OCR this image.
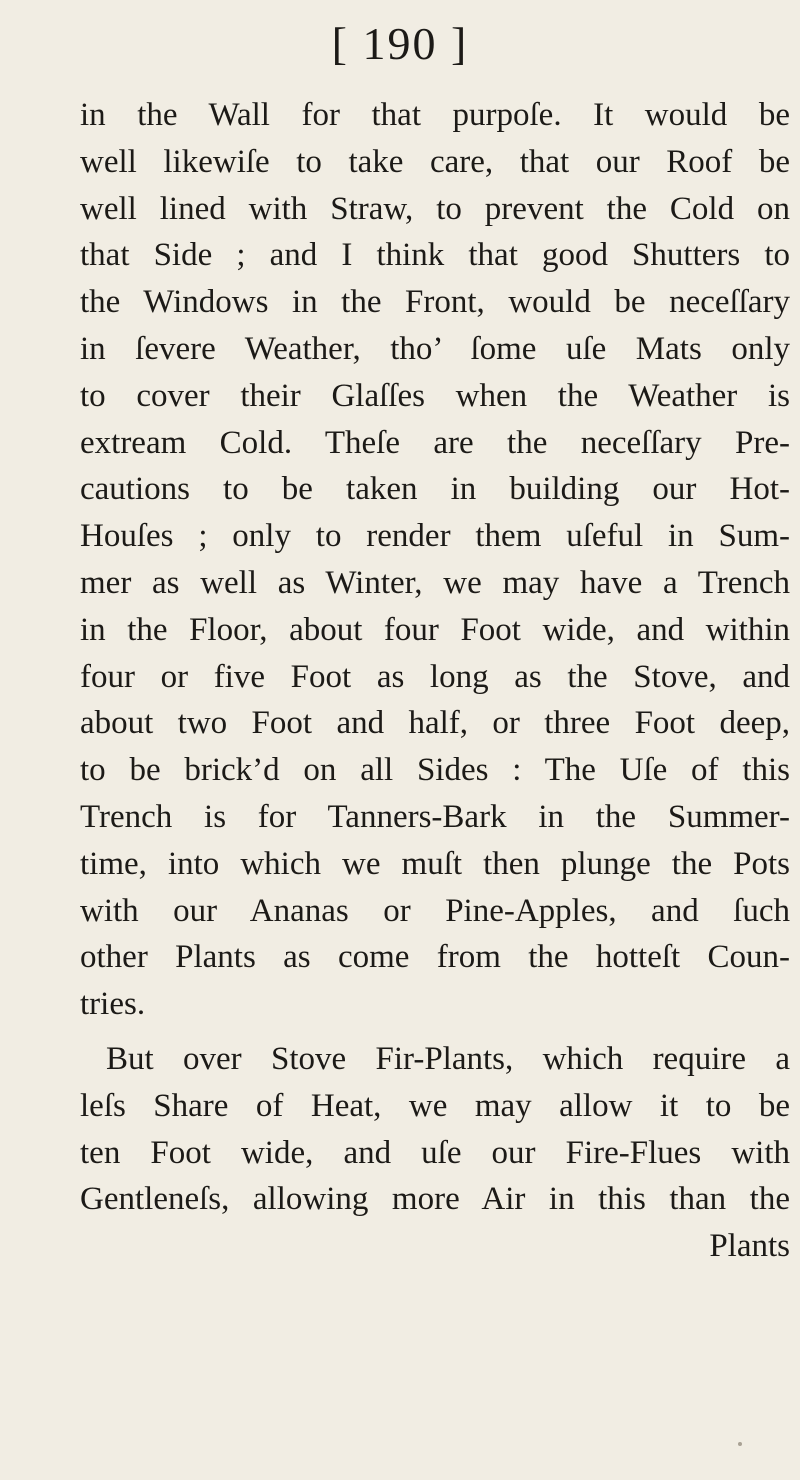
[ 190 ]
in the Wall for that purpoſe. It would be
well likewiſe to take care, that our Roof be
well lined with Straw, to prevent the Cold on
that Side ; and I think that good Shutters to
the Windows in the Front, would be neceſſary
in ſevere Weather, tho’ ſome uſe Mats only
to cover their Glaſſes when the Weather is
extream Cold. Theſe are the neceſſary Pre-
cautions to be taken in building our Hot-
Houſes ; only to render them uſeful in Sum-
mer as well as Winter, we may have a Trench
in the Floor, about four Foot wide, and within
four or five Foot as long as the Stove, and
about two Foot and half, or three Foot deep,
to be brick’d on all Sides : The Uſe of this
Trench is for Tanners-Bark in the Summer-
time, into which we muſt then plunge the Pots
with our Ananas or Pine-Apples, and ſuch
other Plants as come from the hotteſt Coun-
tries.
But over Stove Fir-Plants, which require a
leſs Share of Heat, we may allow it to be
ten Foot wide, and uſe our Fire-Flues with
Gentleneſs, allowing more Air in this than the
Plants
